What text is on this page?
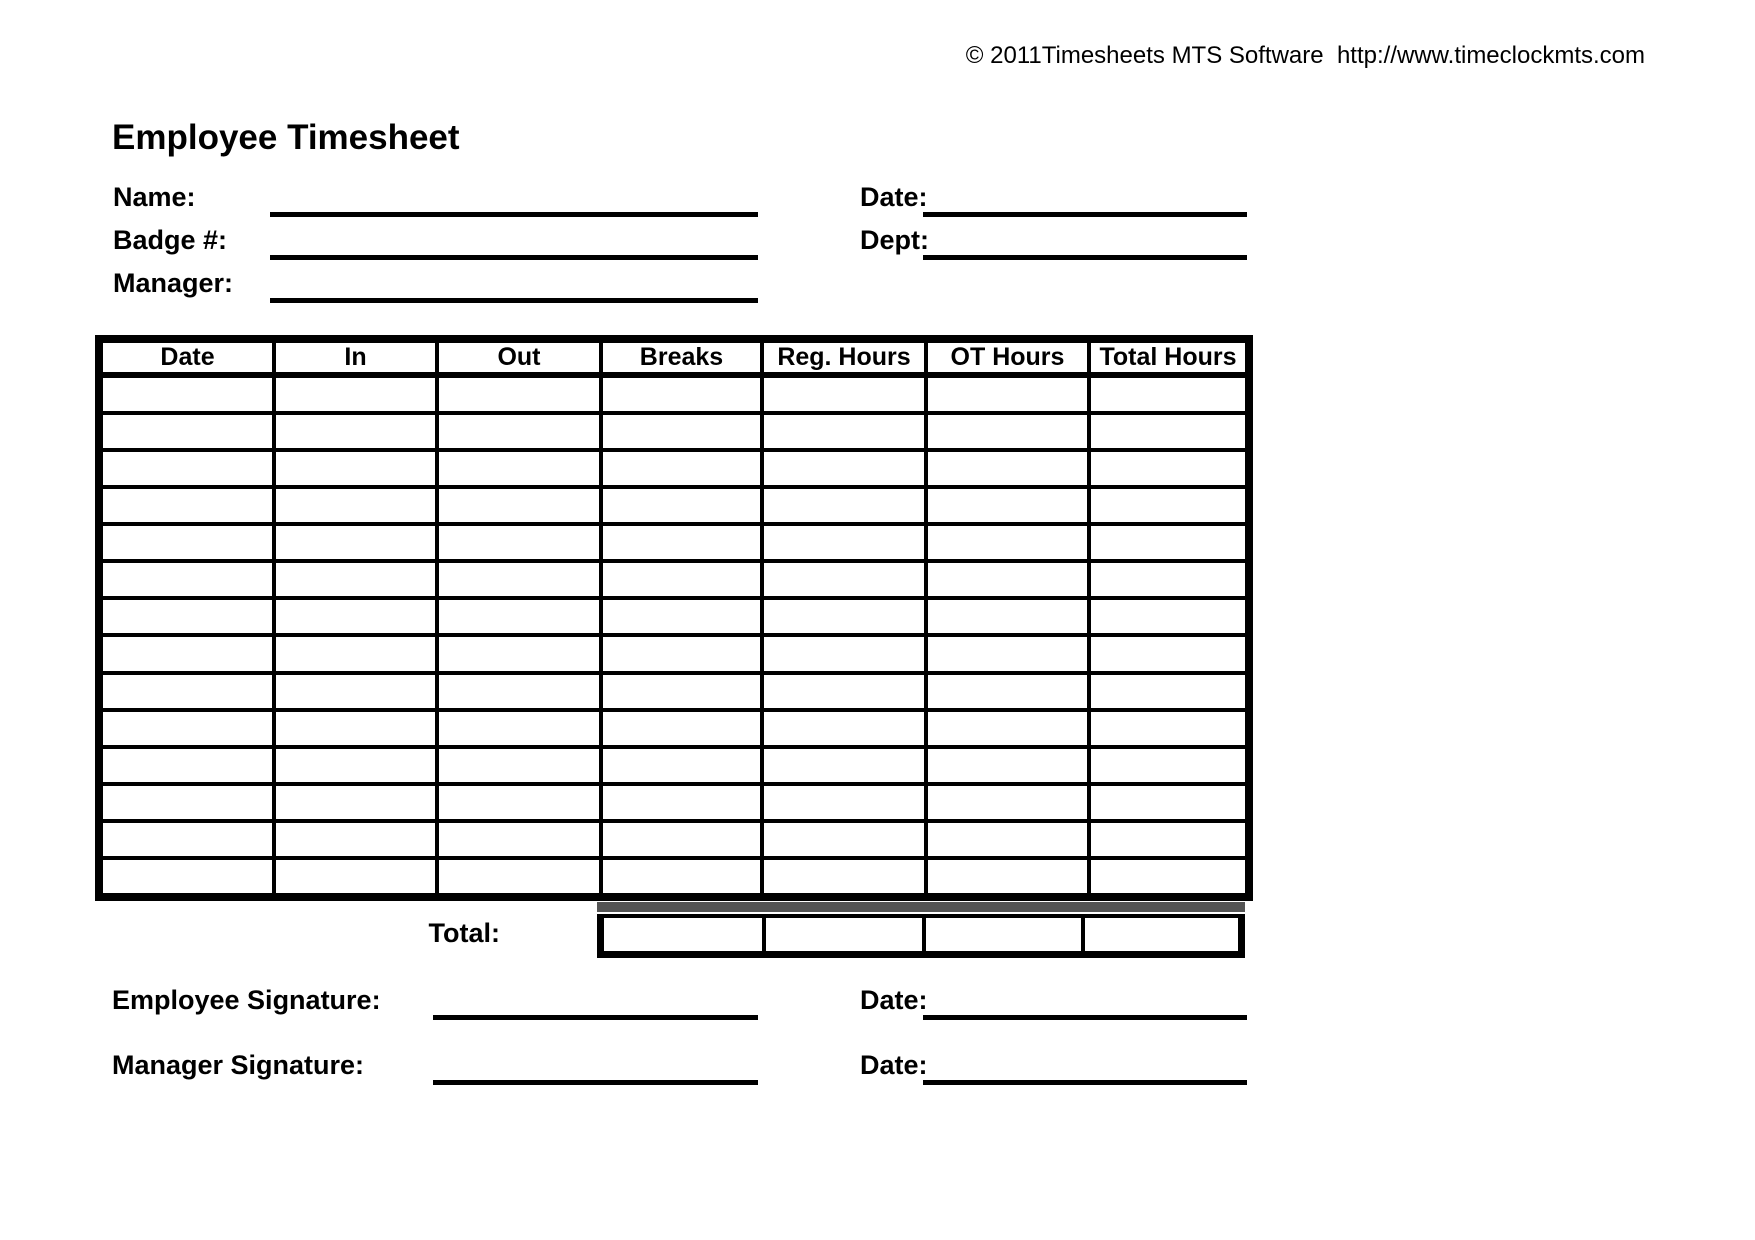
© 2011Timesheets MTS Software  http://www.timeclockmts.com
Employee Timesheet
Name:
Badge #:
Manager:
Date:
Dept:
Date	In	Out	Breaks	Reg. Hours	OT Hours	Total Hours

Total:
Employee Signature:	Date:
Manager Signature:	Date:
